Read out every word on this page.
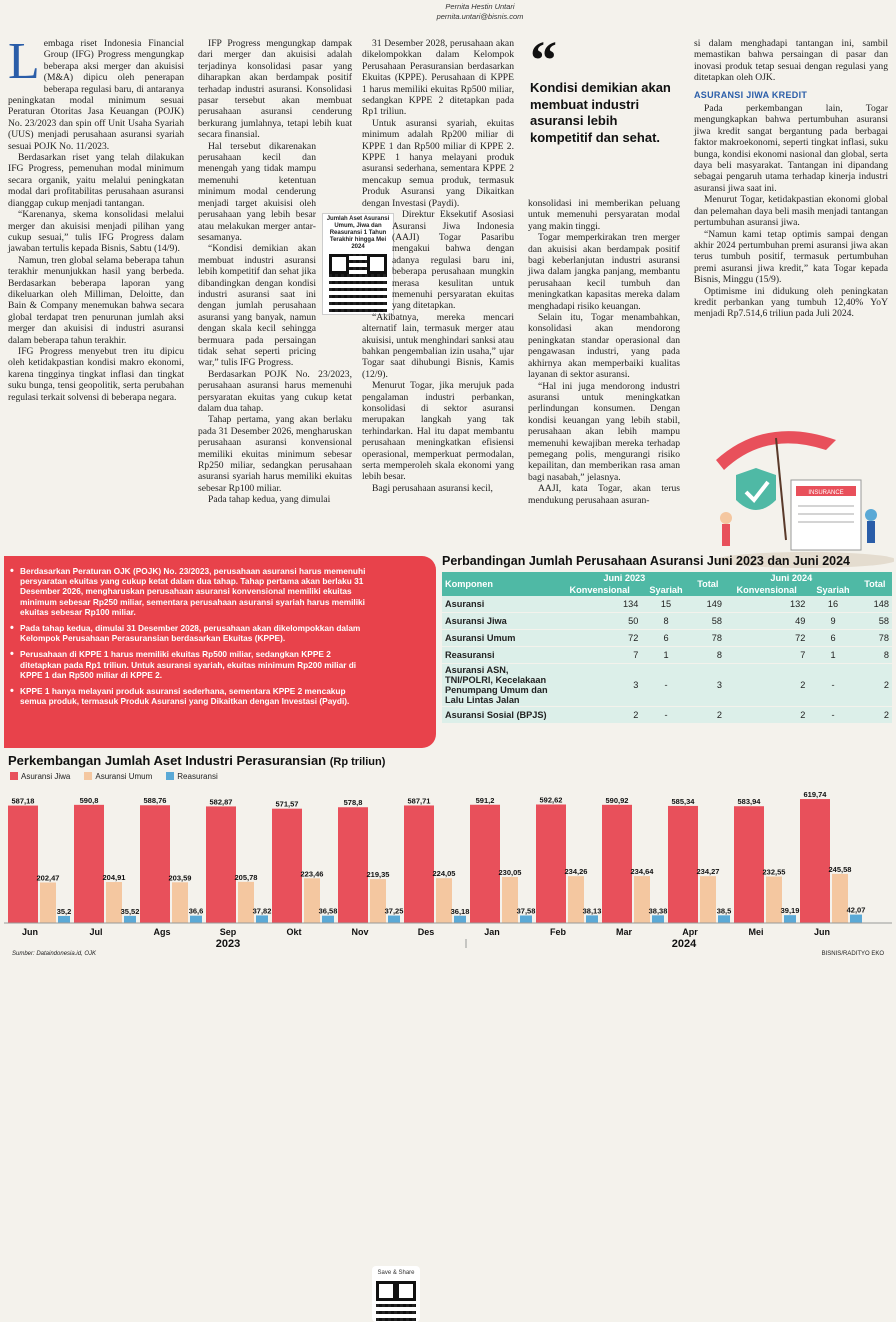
Pernita Hestin Untari
pernita.untari@bisnis.com

Lembaga riset Indonesia Financial Group (IFG) Progress mengungkap beberapa aksi merger dan akuisisi (M&A) dipicu oleh penerapan beberapa regulasi baru, di antaranya peningkatan modal minimum sesuai Peraturan Otoritas Jasa Keuangan (POJK) No. 23/2023 dan spin off Unit Usaha Syariah (UUS) menjadi perusahaan asuransi syariah sesuai POJK No. 11/2023.

Berdasarkan riset yang telah dilakukan IFG Progress, pemenuhan modal minimum secara organik, yaitu melalui peningkatan modal dari profitabilitas perusahaan asuransi dianggap cukup menjadi tantangan.

“Karenanya, skema konsolidasi melalui merger dan akuisisi menjadi pilihan yang cukup sesuai,” tulis IFG Progress dalam jawaban tertulis kepada Bisnis, Sabtu (14/9).

Namun, tren global selama beberapa tahun terakhir menunjukkan hasil yang berbeda. Berdasarkan beberapa laporan yang dikeluarkan oleh Milliman, Deloitte, dan Bain & Company menemukan bahwa secara global terdapat tren penurunan jumlah aksi merger dan akuisisi di industri asuransi dalam beberapa tahun terakhir.

IFG Progress menyebut tren itu dipicu oleh ketidakpastian kondisi makro ekonomi, karena tingginya tingkat inflasi dan tingkat suku bunga, tensi geopolitik, serta perubahan regulasi terkait solvensi di beberapa negara.

IFP Progress mengungkap dampak dari merger dan akuisisi adalah terjadinya konsolidasi pasar yang diharapkan akan berdampak positif terhadap industri asuransi. Konsolidasi pasar tersebut akan membuat perusahaan asuransi cenderung berkurang jumlahnya, tetapi lebih kuat secara finansial.

Hal tersebut dikarenakan perusahaan kecil dan menengah yang tidak mampu memenuhi ketentuan minimum modal cenderung menjadi target akuisisi oleh perusahaan yang lebih besar atau melakukan merger antar-sesamanya.

“Kondisi demikian akan membuat industri asuransi lebih kompetitif dan sehat jika dibandingkan dengan kondisi industri asuransi saat ini dengan jumlah perusahaan asuransi yang banyak, namun dengan skala kecil sehingga bermuara pada persaingan tidak sehat seperti pricing war,” tulis IFG Progress.

Berdasarkan POJK No. 23/2023, perusahaan asuransi harus memenuhi persyaratan ekuitas yang cukup ketat dalam dua tahap.

Tahap pertama, yang akan berlaku pada 31 Desember 2026, mengharuskan perusahaan asuransi konvensional memiliki ekuitas minimum sebesar Rp250 miliar, sedangkan perusahaan asuransi syariah harus memiliki ekuitas sebesar Rp100 miliar.

Pada tahap kedua, yang dimulai

Jumlah Aset Asuransi Umum, Jiwa dan Reasuransi 1 Tahun Terakhir hingga Mei 2024

31 Desember 2028, perusahaan akan dikelompokkan dalam Kelompok Perusahaan Perasuransian berdasarkan Ekuitas (KPPE). Perusahaan di KPPE 1 harus memiliki ekuitas Rp500 miliar, sedangkan KPPE 2 ditetapkan pada Rp1 triliun.

Untuk asuransi syariah, ekuitas minimum adalah Rp200 miliar di KPPE 1 dan Rp500 miliar di KPPE 2. KPPE 1 hanya melayani produk asuransi sederhana, sementara KPPE 2 mencakup semua produk, termasuk Produk Asuransi yang Dikaitkan dengan Investasi (Paydi).

Direktur Eksekutif Asosiasi Asuransi Jiwa Indonesia (AAJI) Togar Pasaribu mengakui bahwa dengan adanya regulasi baru ini, beberapa perusahaan mungkin merasa kesulitan untuk memenuhi persyaratan ekuitas yang ditetapkan.

“Akibatnya, mereka mencari alternatif lain, termasuk merger atau akuisisi, untuk menghindari sanksi atau bahkan pengembalian izin usaha,” ujar Togar saat dihubungi Bisnis, Kamis (12/9).

Menurut Togar, jika merujuk pada pengalaman industri perbankan, konsolidasi di sektor asuransi merupakan langkah yang tak terhindarkan. Hal itu dapat membantu perusahaan meningkatkan efisiensi operasional, memperkuat permodalan, serta memperoleh skala ekonomi yang lebih besar.

Bagi perusahaan asuransi kecil,

“
Kondisi demikian akan membuat industri asuransi lebih kompetitif dan sehat.

konsolidasi ini memberikan peluang untuk memenuhi persyaratan modal yang makin tinggi.

Togar memperkirakan tren merger dan akuisisi akan berdampak positif bagi keberlanjutan industri asuransi jiwa dalam jangka panjang, membantu perusahaan kecil tumbuh dan meningkatkan kapasitas mereka dalam menghadapi risiko keuangan.

Selain itu, Togar menambahkan, konsolidasi akan mendorong peningkatan standar operasional dan pengawasan industri, yang pada akhirnya akan memperbaiki kualitas layanan di sektor asuransi.

“Hal ini juga mendorong industri asuransi untuk meningkatkan perlindungan konsumen. Dengan kondisi keuangan yang lebih stabil, perusahaan akan lebih mampu memenuhi kewajiban mereka terhadap pemegang polis, mengurangi risiko kepailitan, dan memberikan rasa aman bagi nasabah,” jelasnya.

AAJI, kata Togar, akan terus mendukung perusahaan asuran-

si dalam menghadapi tantangan ini, sambil memastikan bahwa persaingan di pasar dan inovasi produk tetap sesuai dengan regulasi yang ditetapkan oleh OJK.

ASURANSI JIWA KREDIT

Pada perkembangan lain, Togar mengungkapkan bahwa pertumbuhan asuransi jiwa kredit sangat bergantung pada berbagai faktor makroekonomi, seperti tingkat inflasi, suku bunga, kondisi ekonomi nasional dan global, serta daya beli masyarakat. Tantangan ini dipandang sebagai pengaruh utama terhadap kinerja industri asuransi jiwa saat ini.

Menurut Togar, ketidakpastian ekonomi global dan pelemahan daya beli masih menjadi tantangan pertumbuhan asuransi jiwa.

“Namun kami tetap optimis sampai dengan akhir 2024 pertumbuhan premi asuransi jiwa akan terus tumbuh positif, termasuk pertumbuhan premi asuransi jiwa kredit,” kata Togar kepada Bisnis, Minggu (15/9).

Optimisme ini didukung oleh peningkatan kredit perbankan yang tumbuh 12,40% YoY menjadi Rp7.514,6 triliun pada Juli 2024.

INSURANCE
• Berdasarkan Peraturan OJK (POJK) No. 23/2023, perusahaan asuransi harus memenuhi persyaratan ekuitas yang cukup ketat dalam dua tahap. Tahap pertama akan berlaku 31 Desember 2026, mengharuskan perusahaan asuransi konvensional memiliki ekuitas minimum sebesar Rp250 miliar, sementara perusahaan asuransi syariah harus memiliki ekuitas sebesar Rp100 miliar.
• Pada tahap kedua, dimulai 31 Desember 2028, perusahaan akan dikelompokkan dalam Kelompok Perusahaan Perasuransian berdasarkan Ekuitas (KPPE).
• Perusahaan di KPPE 1 harus memiliki ekuitas Rp500 miliar, sedangkan KPPE 2 ditetapkan pada Rp1 triliun. Untuk asuransi syariah, ekuitas minimum Rp200 miliar di KPPE 1 dan Rp500 miliar di KPPE 2.
• KPPE 1 hanya melayani produk asuransi sederhana, sementara KPPE 2 mencakup semua produk, termasuk Produk Asuransi yang Dikaitkan dengan Investasi (Paydi).
Save & Share
Perbandingan Jumlah Perusahaan Asuransi Juni 2023 dan Juni 2024
Komponen	Juni 2023		Total	Juni 2024		Total
	Konvensional	Syariah		Konvensional	Syariah	
Asuransi	134	15	149	132	16	148
Asuransi Jiwa	50	8	58	49	9	58
Asuransi Umum	72	6	78	72	6	78
Reasuransi	7	1	8	7	1	8
Asuransi ASN, TNI/POLRI, Kecelakaan Penumpang Umum dan Lalu Lintas Jalan	3	-	3	2	-	2
Asuransi Sosial (BPJS)	2	-	2	2	-	2
Perkembangan Jumlah Aset Industri Perasuransian (Rp triliun)
Asuransi Jiwa	Asuransi Umum	Reasuransi
587,18
202,47
35,2
Jun
590,8
204,91
35,52
Jul
588,76
203,59
36,6
Ags
582,87
205,78
37,82
Sep
571,57
223,46
36,58
Okt
578,8
219,35
37,25
Nov
587,71
224,05
36,18
Des
591,2
230,05
37,58
Jan
592,62
234,26
38,13
Feb
590,92
234,64
38,38
Mar
585,34
234,27
38,5
Apr
583,94
232,55
39,19
Mei
619,74
245,58
42,07
Jun
2023	2024
Sumber: Dataindonesia.id, OJK	BISNIS/RADITYO EKO
